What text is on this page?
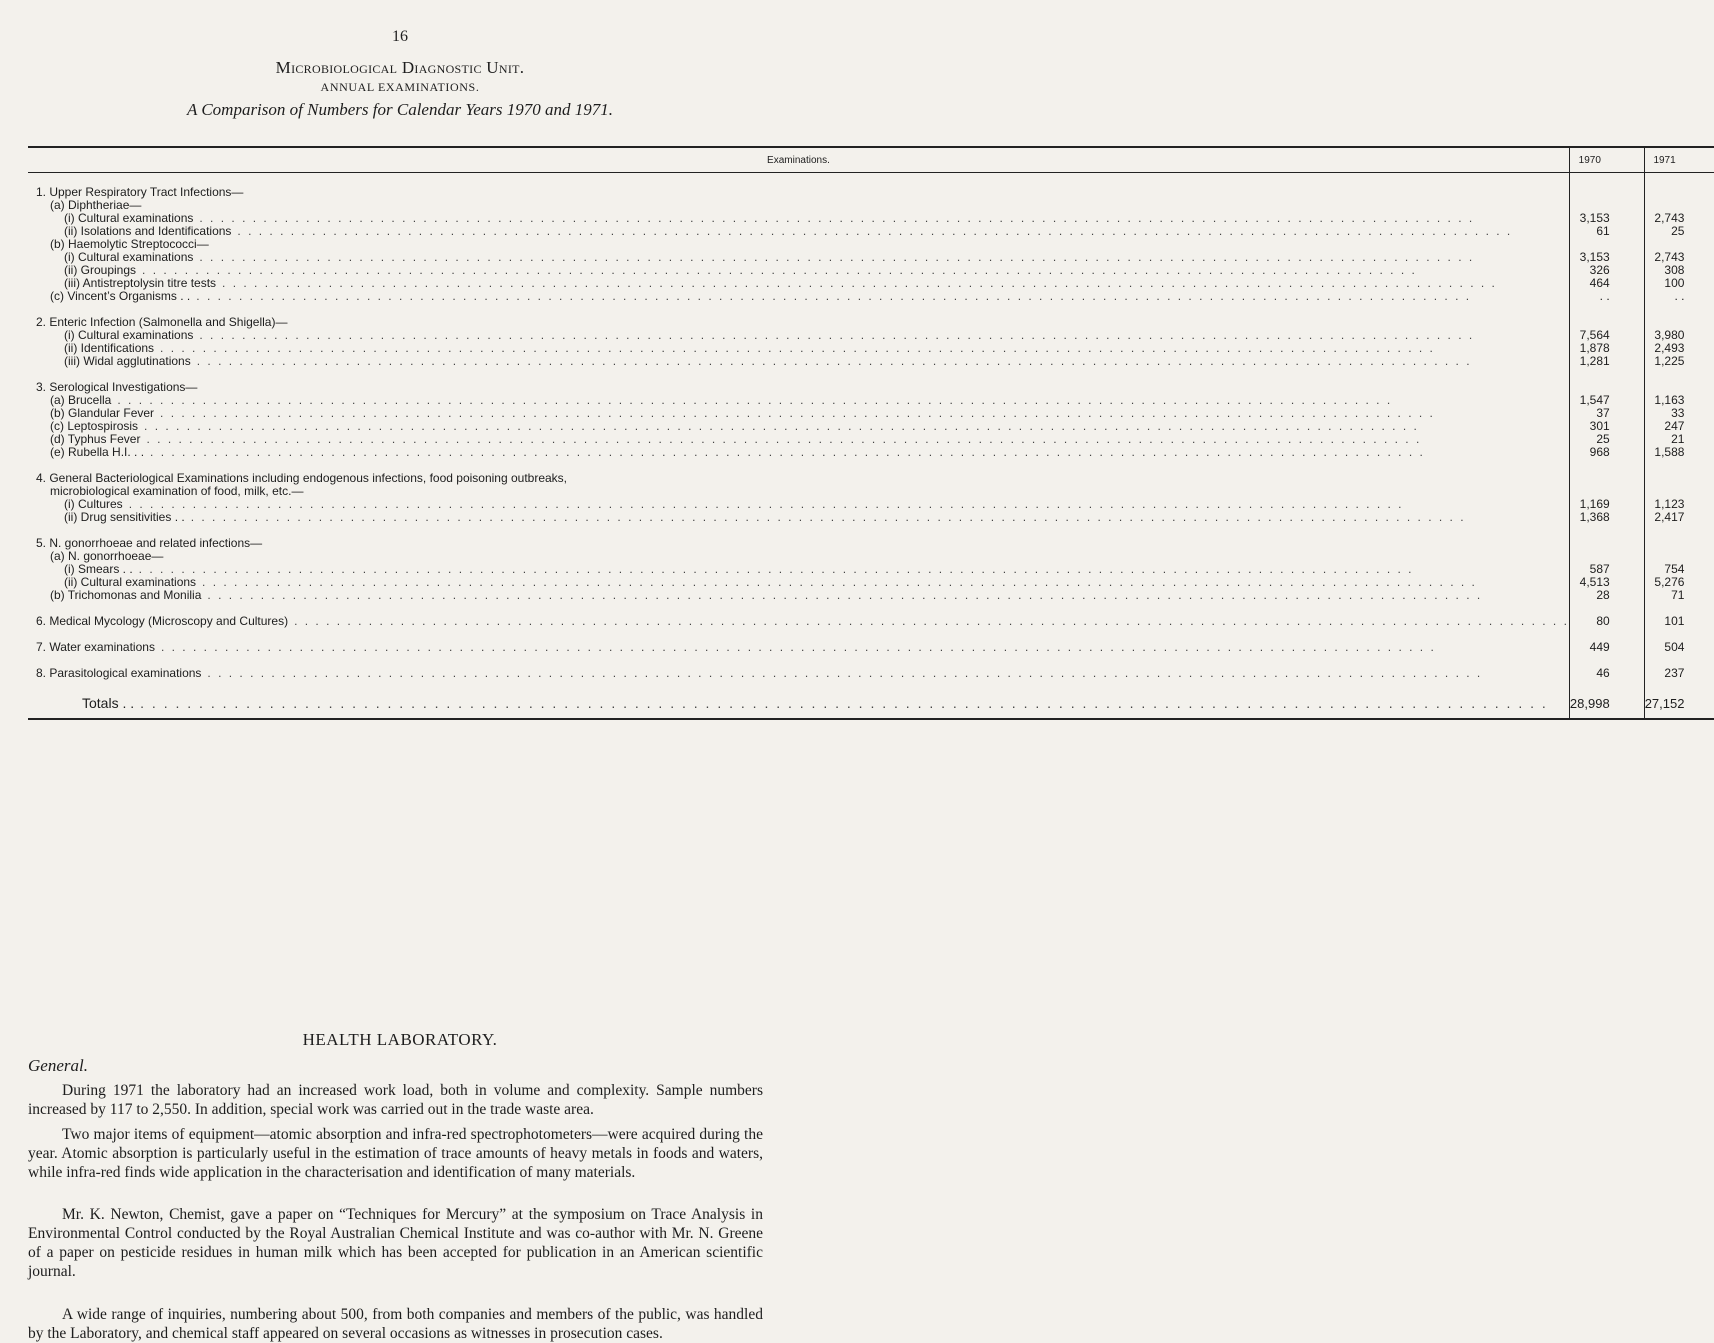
16
Microbiological Diagnostic Unit.
ANNUAL EXAMINATIONS.
A Comparison of Numbers for Calendar Years 1970 and 1971.
Examinations.	1970	1971

1. Upper Respiratory Tract Infections—		

(a) Diphtheriae—		

(i) Cultural examinations . . . . . . . . . . . . . . . . . . . . . . . . . . . . . . . . . . . . . . . . . . . . . . . . . . . . . . . . . . . . . . . . . . . . . . . . . . . . . . . . . . . . . . . . . . . . . . . . . . . . . . . . . . . . . . . . . . . . . . . .	3,153	2,743

(ii) Isolations and Identifications . . . . . . . . . . . . . . . . . . . . . . . . . . . . . . . . . . . . . . . . . . . . . . . . . . . . . . . . . . . . . . . . . . . . . . . . . . . . . . . . . . . . . . . . . . . . . . . . . . . . . . . . . . . . . . . . . . . . . . . .	61	25

(b) Haemolytic Streptococci—		

(i) Cultural examinations . . . . . . . . . . . . . . . . . . . . . . . . . . . . . . . . . . . . . . . . . . . . . . . . . . . . . . . . . . . . . . . . . . . . . . . . . . . . . . . . . . . . . . . . . . . . . . . . . . . . . . . . . . . . . . . . . . . . . . . .	3,153	2,743

(ii) Groupings . . . . . . . . . . . . . . . . . . . . . . . . . . . . . . . . . . . . . . . . . . . . . . . . . . . . . . . . . . . . . . . . . . . . . . . . . . . . . . . . . . . . . . . . . . . . . . . . . . . . . . . . . . . . . . . . . . . . . . . .	326	308

(iii) Antistreptolysin titre tests . . . . . . . . . . . . . . . . . . . . . . . . . . . . . . . . . . . . . . . . . . . . . . . . . . . . . . . . . . . . . . . . . . . . . . . . . . . . . . . . . . . . . . . . . . . . . . . . . . . . . . . . . . . . . . . . . . . . . . . .	464	100

(c) Vincent’s Organisms . . . . . . . . . . . . . . . . . . . . . . . . . . . . . . . . . . . . . . . . . . . . . . . . . . . . . . . . . . . . . . . . . . . . . . . . . . . . . . . . . . . . . . . . . . . . . . . . . . . . . . . . . . . . . . . . . . . . . . . . . .	. .	. .

2. Enteric Infection (Salmonella and Shigella)—		

(i) Cultural examinations . . . . . . . . . . . . . . . . . . . . . . . . . . . . . . . . . . . . . . . . . . . . . . . . . . . . . . . . . . . . . . . . . . . . . . . . . . . . . . . . . . . . . . . . . . . . . . . . . . . . . . . . . . . . . . . . . . . . . . . .	7,564	3,980

(ii) Identifications . . . . . . . . . . . . . . . . . . . . . . . . . . . . . . . . . . . . . . . . . . . . . . . . . . . . . . . . . . . . . . . . . . . . . . . . . . . . . . . . . . . . . . . . . . . . . . . . . . . . . . . . . . . . . . . . . . . . . . . .	1,878	2,493

(iii) Widal agglutinations . . . . . . . . . . . . . . . . . . . . . . . . . . . . . . . . . . . . . . . . . . . . . . . . . . . . . . . . . . . . . . . . . . . . . . . . . . . . . . . . . . . . . . . . . . . . . . . . . . . . . . . . . . . . . . . . . . . . . . . .	1,281	1,225

3. Serological Investigations—		

(a) Brucella . . . . . . . . . . . . . . . . . . . . . . . . . . . . . . . . . . . . . . . . . . . . . . . . . . . . . . . . . . . . . . . . . . . . . . . . . . . . . . . . . . . . . . . . . . . . . . . . . . . . . . . . . . . . . . . . . . . . . . . .	1,547	1,163

(b) Glandular Fever . . . . . . . . . . . . . . . . . . . . . . . . . . . . . . . . . . . . . . . . . . . . . . . . . . . . . . . . . . . . . . . . . . . . . . . . . . . . . . . . . . . . . . . . . . . . . . . . . . . . . . . . . . . . . . . . . . . . . . . .	37	33

(c) Leptospirosis . . . . . . . . . . . . . . . . . . . . . . . . . . . . . . . . . . . . . . . . . . . . . . . . . . . . . . . . . . . . . . . . . . . . . . . . . . . . . . . . . . . . . . . . . . . . . . . . . . . . . . . . . . . . . . . . . . . . . . . .	301	247

(d) Typhus Fever . . . . . . . . . . . . . . . . . . . . . . . . . . . . . . . . . . . . . . . . . . . . . . . . . . . . . . . . . . . . . . . . . . . . . . . . . . . . . . . . . . . . . . . . . . . . . . . . . . . . . . . . . . . . . . . . . . . . . . . .	25	21

(e) Rubella H.I. . . . . . . . . . . . . . . . . . . . . . . . . . . . . . . . . . . . . . . . . . . . . . . . . . . . . . . . . . . . . . . . . . . . . . . . . . . . . . . . . . . . . . . . . . . . . . . . . . . . . . . . . . . . . . . . . . . . . . . . . . .	968	1,588

4. General Bacteriological Examinations including endogenous infections, food poisoning outbreaks,		

microbiological examination of food, milk, etc.—		

(i) Cultures . . . . . . . . . . . . . . . . . . . . . . . . . . . . . . . . . . . . . . . . . . . . . . . . . . . . . . . . . . . . . . . . . . . . . . . . . . . . . . . . . . . . . . . . . . . . . . . . . . . . . . . . . . . . . . . . . . . . . . . .	1,169	1,123

(ii) Drug sensitivities . . . . . . . . . . . . . . . . . . . . . . . . . . . . . . . . . . . . . . . . . . . . . . . . . . . . . . . . . . . . . . . . . . . . . . . . . . . . . . . . . . . . . . . . . . . . . . . . . . . . . . . . . . . . . . . . . . . . . . . . . .	1,368	2,417

5. N. gonorrhoeae and related infections—		

(a) N. gonorrhoeae—		

(i) Smears . . . . . . . . . . . . . . . . . . . . . . . . . . . . . . . . . . . . . . . . . . . . . . . . . . . . . . . . . . . . . . . . . . . . . . . . . . . . . . . . . . . . . . . . . . . . . . . . . . . . . . . . . . . . . . . . . . . . . . . . . .	587	754

(ii) Cultural examinations . . . . . . . . . . . . . . . . . . . . . . . . . . . . . . . . . . . . . . . . . . . . . . . . . . . . . . . . . . . . . . . . . . . . . . . . . . . . . . . . . . . . . . . . . . . . . . . . . . . . . . . . . . . . . . . . . . . . . . . .	4,513	5,276

(b) Trichomonas and Monilia . . . . . . . . . . . . . . . . . . . . . . . . . . . . . . . . . . . . . . . . . . . . . . . . . . . . . . . . . . . . . . . . . . . . . . . . . . . . . . . . . . . . . . . . . . . . . . . . . . . . . . . . . . . . . . . . . . . . . . . .	28	71

6. Medical Mycology (Microscopy and Cultures) . . . . . . . . . . . . . . . . . . . . . . . . . . . . . . . . . . . . . . . . . . . . . . . . . . . . . . . . . . . . . . . . . . . . . . . . . . . . . . . . . . . . . . . . . . . . . . . . . . . . . . . . . . . . . . . . . . . . . . . .	80	101

7. Water examinations . . . . . . . . . . . . . . . . . . . . . . . . . . . . . . . . . . . . . . . . . . . . . . . . . . . . . . . . . . . . . . . . . . . . . . . . . . . . . . . . . . . . . . . . . . . . . . . . . . . . . . . . . . . . . . . . . . . . . . . .	449	504

8. Parasitological examinations . . . . . . . . . . . . . . . . . . . . . . . . . . . . . . . . . . . . . . . . . . . . . . . . . . . . . . . . . . . . . . . . . . . . . . . . . . . . . . . . . . . . . . . . . . . . . . . . . . . . . . . . . . . . . . . . . . . . . . . .	46	237

Totals . . . . . . . . . . . . . . . . . . . . . . . . . . . . . . . . . . . . . . . . . . . . . . . . . . . . . . . . . . . . . . . . . . . . . . . . . . . . . . . . . . . . . . . . . . . . . . . . . . . . . . . . . . . . . . . . . . . . . . . . . .	28,998	27,152
HEALTH LABORATORY.
General.

During 1971 the laboratory had an increased work load, both in volume and complexity. Sample numbers increased by 117 to 2,550. In addition, special work was carried out in the trade waste area.

Two major items of equipment—atomic absorption and infra-red spectrophotometers—were acquired during the year. Atomic absorption is particularly useful in the estimation of trace amounts of heavy metals in foods and waters, while infra-red finds wide application in the characterisation and identification of many materials.

Mr. K. Newton, Chemist, gave a paper on “Techniques for Mercury” at the symposium on Trace Analysis in Environmental Control conducted by the Royal Australian Chemical Institute and was co-author with Mr. N. Greene of a paper on pesticide residues in human milk which has been accepted for publication in an American scientific journal.

A wide range of inquiries, numbering about 500, from both companies and members of the public, was handled by the Laboratory, and chemical staff appeared on several occasions as witnesses in prosecution cases.
